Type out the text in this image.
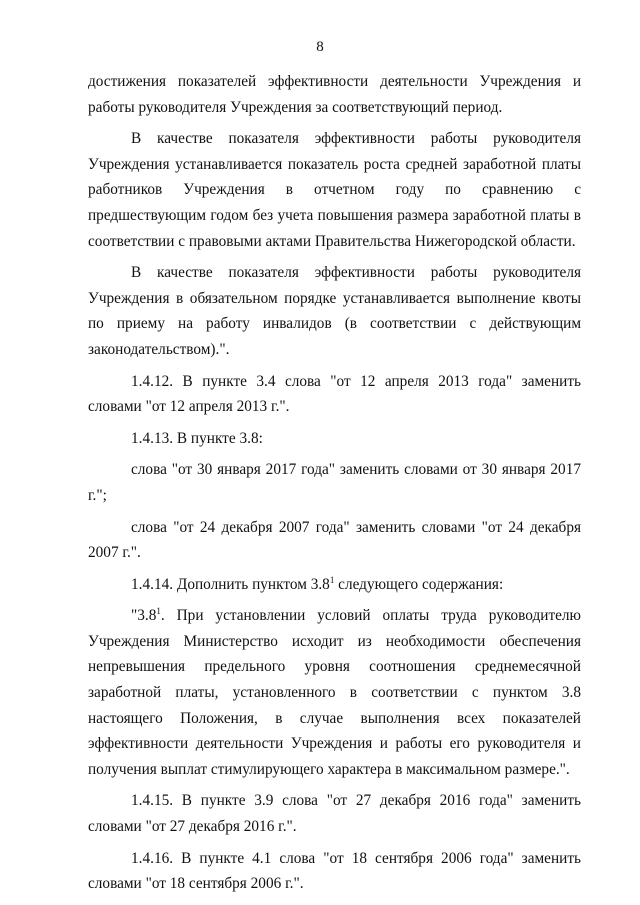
8

достижения показателей эффективности деятельности Учреждения и работы руководителя Учреждения за соответствующий период.

В качестве показателя эффективности работы руководителя Учреждения устанавливается показатель роста средней заработной платы работников Учреждения в отчетном году по сравнению с предшествующим годом без учета повышения размера заработной платы в соответствии с правовыми актами Правительства Нижегородской области.

В качестве показателя эффективности работы руководителя Учреждения в обязательном порядке устанавливается выполнение квоты по приему на работу инвалидов (в соответствии с действующим законодательством).".

1.4.12. В пункте 3.4 слова "от 12 апреля 2013 года" заменить словами "от 12 апреля 2013 г.".

1.4.13. В пункте 3.8:

слова "от 30 января 2017 года" заменить словами от 30 января 2017 г.";

слова "от 24 декабря 2007 года" заменить словами "от 24 декабря 2007 г.".

1.4.14. Дополнить пунктом $3.8^1$ следующего содержания:

"$3.8^1$. При установлении условий оплаты труда руководителю Учреждения Министерство исходит из необходимости обеспечения непревышения предельного уровня соотношения среднемесячной заработной платы, установленного в соответствии с пунктом 3.8 настоящего Положения, в случае выполнения всех показателей эффективности деятельности Учреждения и работы его руководителя и получения выплат стимулирующего характера в максимальном размере.".

1.4.15. В пункте 3.9 слова "от 27 декабря 2016 года" заменить словами "от 27 декабря 2016 г.".

1.4.16. В пункте 4.1 слова "от 18 сентября 2006 года" заменить словами "от 18 сентября 2006 г.".
